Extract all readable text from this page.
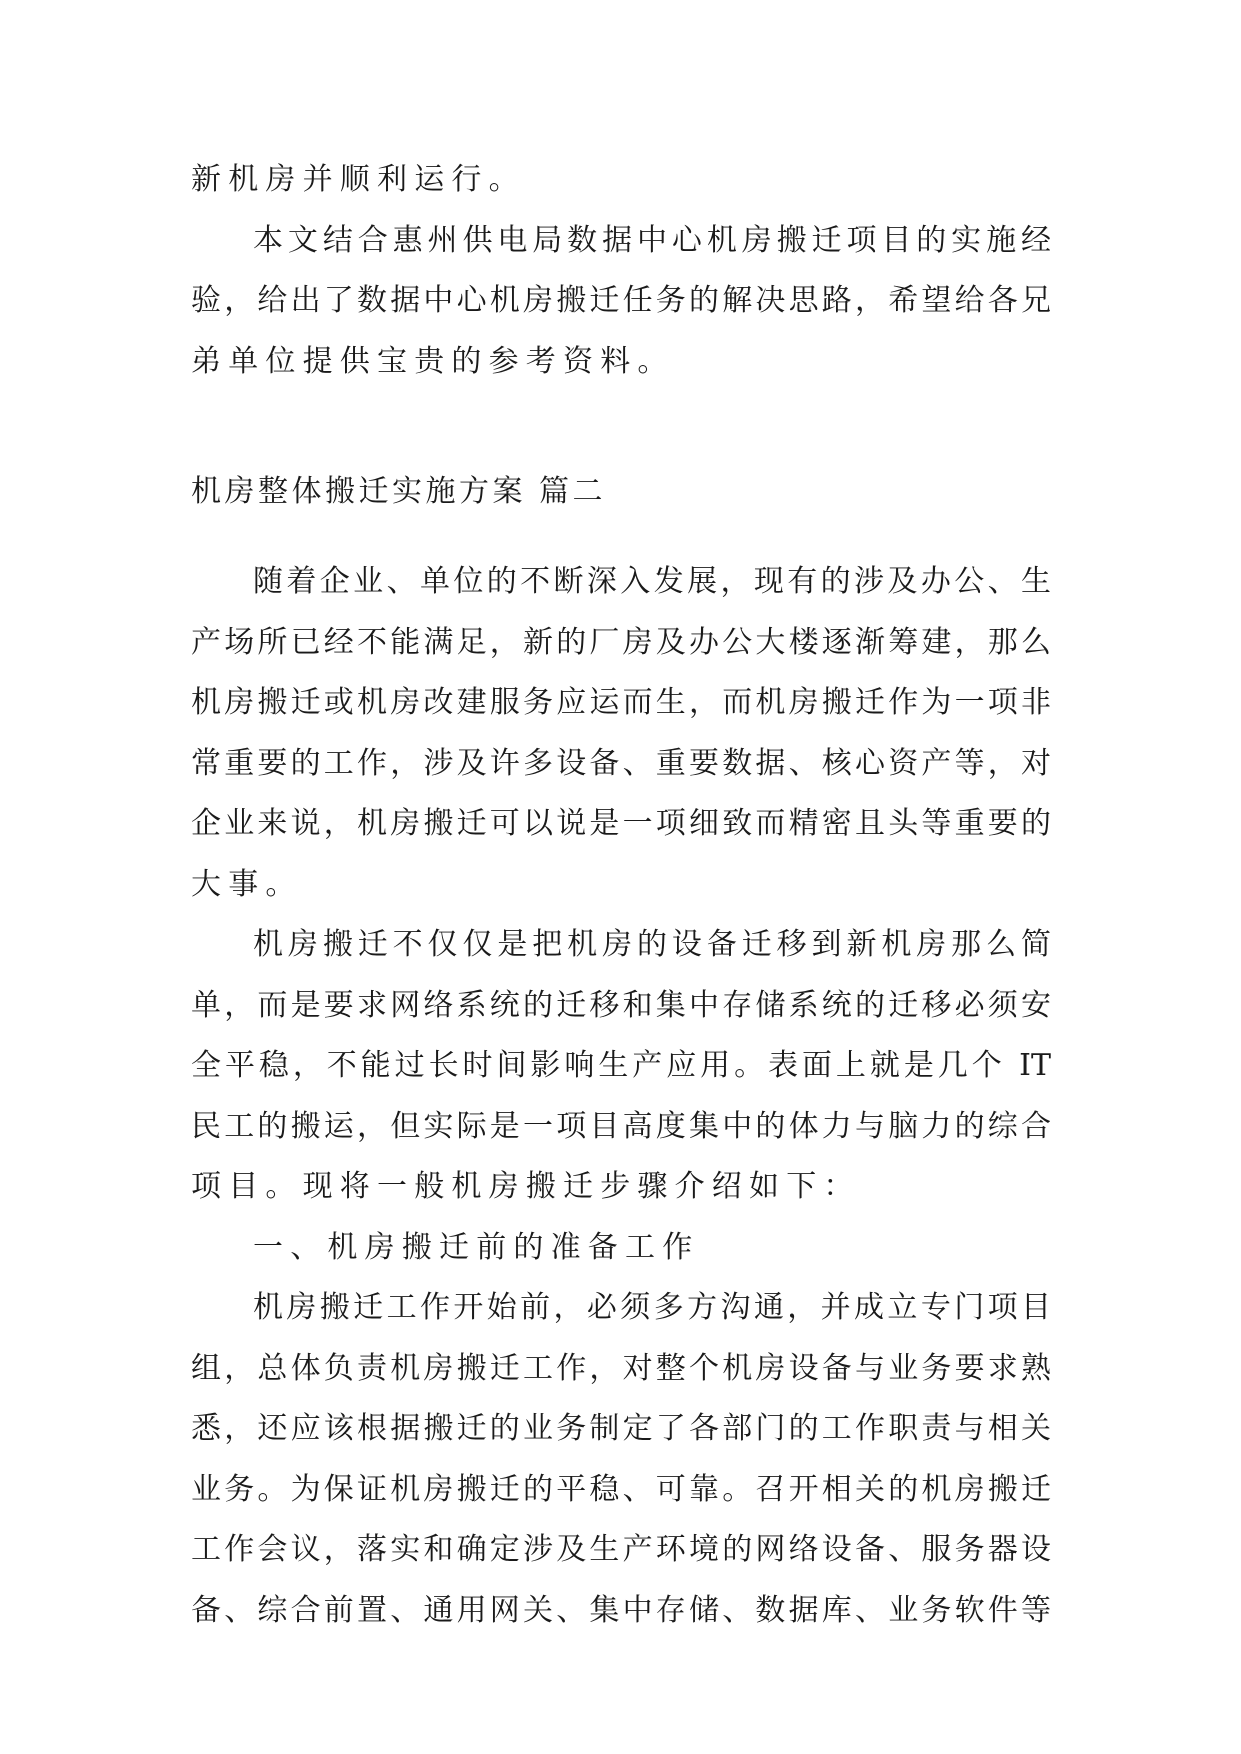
新机房并顺利运行。

本文结合惠州供电局数据中心机房搬迁项目的实施经

验，给出了数据中心机房搬迁任务的解决思路，希望给各兄

弟单位提供宝贵的参考资料。

机房整体搬迁实施方案 篇二

随着企业、单位的不断深入发展，现有的涉及办公、生

产场所已经不能满足，新的厂房及办公大楼逐渐筹建，那么

机房搬迁或机房改建服务应运而生，而机房搬迁作为一项非

常重要的工作，涉及许多设备、重要数据、核心资产等，对

企业来说，机房搬迁可以说是一项细致而精密且头等重要的

大事。

机房搬迁不仅仅是把机房的设备迁移到新机房那么简

单，而是要求网络系统的迁移和集中存储系统的迁移必须安

全平稳，不能过长时间影响生产应用。表面上就是几个 IT

民工的搬运，但实际是一项目高度集中的体力与脑力的综合

项目。现将一般机房搬迁步骤介绍如下：

一、机房搬迁前的准备工作

机房搬迁工作开始前，必须多方沟通，并成立专门项目

组，总体负责机房搬迁工作，对整个机房设备与业务要求熟

悉，还应该根据搬迁的业务制定了各部门的工作职责与相关

业务。为保证机房搬迁的平稳、可靠。召开相关的机房搬迁

工作会议，落实和确定涉及生产环境的网络设备、服务器设

备、综合前置、通用网关、集中存储、数据库、业务软件等
